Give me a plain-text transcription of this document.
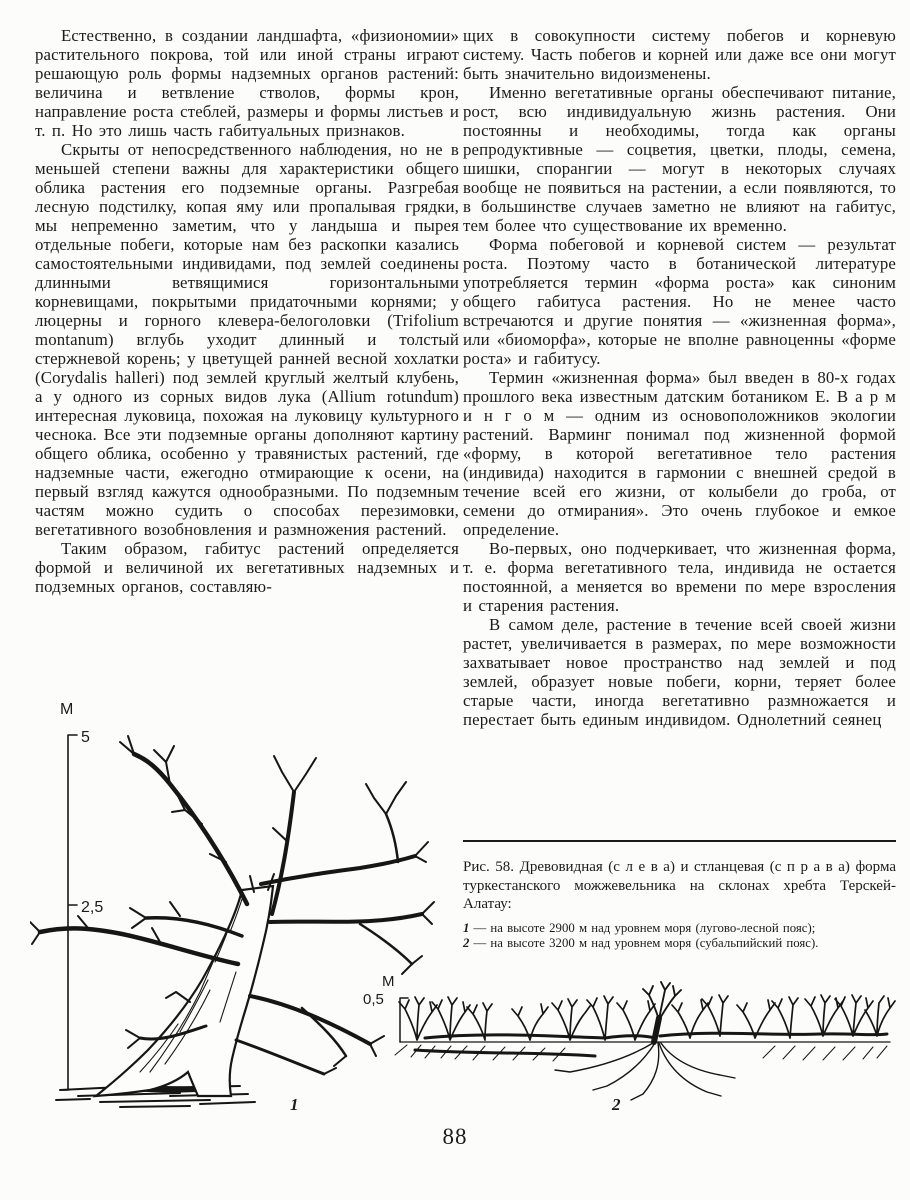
Естественно, в создании ландшафта, «физиономии» растительного покрова, той или иной страны играют решающую роль формы надземных органов растений: величина и ветвление стволов, формы крон, направление роста стеблей, размеры и формы листьев и т. п. Но это лишь часть габитуальных признаков.

Скрыты от непосредственного наблюдения, но не в меньшей степени важны для характеристики общего облика растения его подземные органы. Разгребая лесную подстилку, копая яму или пропалывая грядки, мы непременно заметим, что у ландыша и пырея отдельные побеги, которые нам без раскопки казались самостоятельными индивидами, под землей соединены длинными ветвящимися горизонтальными корневищами, покрытыми придаточными корнями; у люцерны и горного клевера-белоголовки (Trifolium montanum) вглубь уходит длинный и толстый стержневой корень; у цветущей ранней весной хохлатки (Corydalis halleri) под землей круглый желтый клубень, а у одного из сорных видов лука (Allium rotundum) интересная луковица, похожая на луковицу культурного чеснока. Все эти подземные органы дополняют картину общего облика, особенно у травянистых растений, где надземные части, ежегодно отмирающие к осени, на первый взгляд кажутся однообразными. По подземным частям можно судить о способах перезимовки, вегетативного возобновления и размножения растений.

Таким образом, габитус растений определяется формой и величиной их вегетативных надземных и подземных органов, составляю-

щих в совокупности систему побегов и корневую систему. Часть побегов и корней или даже все они могут быть значительно видоизменены.

Именно вегетативные органы обеспечивают питание, рост, всю индивидуальную жизнь растения. Они постоянны и необходимы, тогда как органы репродуктивные — соцветия, цветки, плоды, семена, шишки, спорангии — могут в некоторых случаях вообще не появиться на растении, а если появляются, то в большинстве случаев заметно не влияют на габитус, тем более что существование их временно.

Форма побеговой и корневой систем — результат роста. Поэтому часто в ботанической литературе употребляется термин «форма роста» как синоним общего габитуса растения. Но не менее часто встречаются и другие понятия — «жизненная форма», или «биоморфа», которые не вполне равноценны «форме роста» и габитусу.

Термин «жизненная форма» был введен в 80-х годах прошлого века известным датским ботаником Е. В а р м и н г о м — одним из основоположников экологии растений. Варминг понимал под жизненной формой «форму, в которой вегетативное тело растения (индивида) находится в гармонии с внешней средой в течение всей его жизни, от колыбели до гроба, от семени до отмирания». Это очень глубокое и емкое определение.

Во-первых, оно подчеркивает, что жизненная форма, т. е. форма вегетативного тела, индивида не остается постоянной, а меняется во времени по мере взросления и старения растения.

В самом деле, растение в течение всей своей жизни растет, увеличивается в размерах, по мере возможности захватывает новое пространство над землей и под землей, образует новые побеги, корни, теряет более старые части, иногда вегетативно размножается и перестает быть единым индивидом. Однолетний сеянец

Рис. 58. Древовидная (с л е в а) и стланцевая (с п р а в а) форма туркестанского можжевельника на склонах хребта Терскей-Алатау:

1 — на высоте 2900 м над уровнем моря (лугово-лесной пояс);

2 — на высоте 3200 м над уровнем моря (субальпийский пояс).

М
5
2,5
М
0,5
1	2
88
